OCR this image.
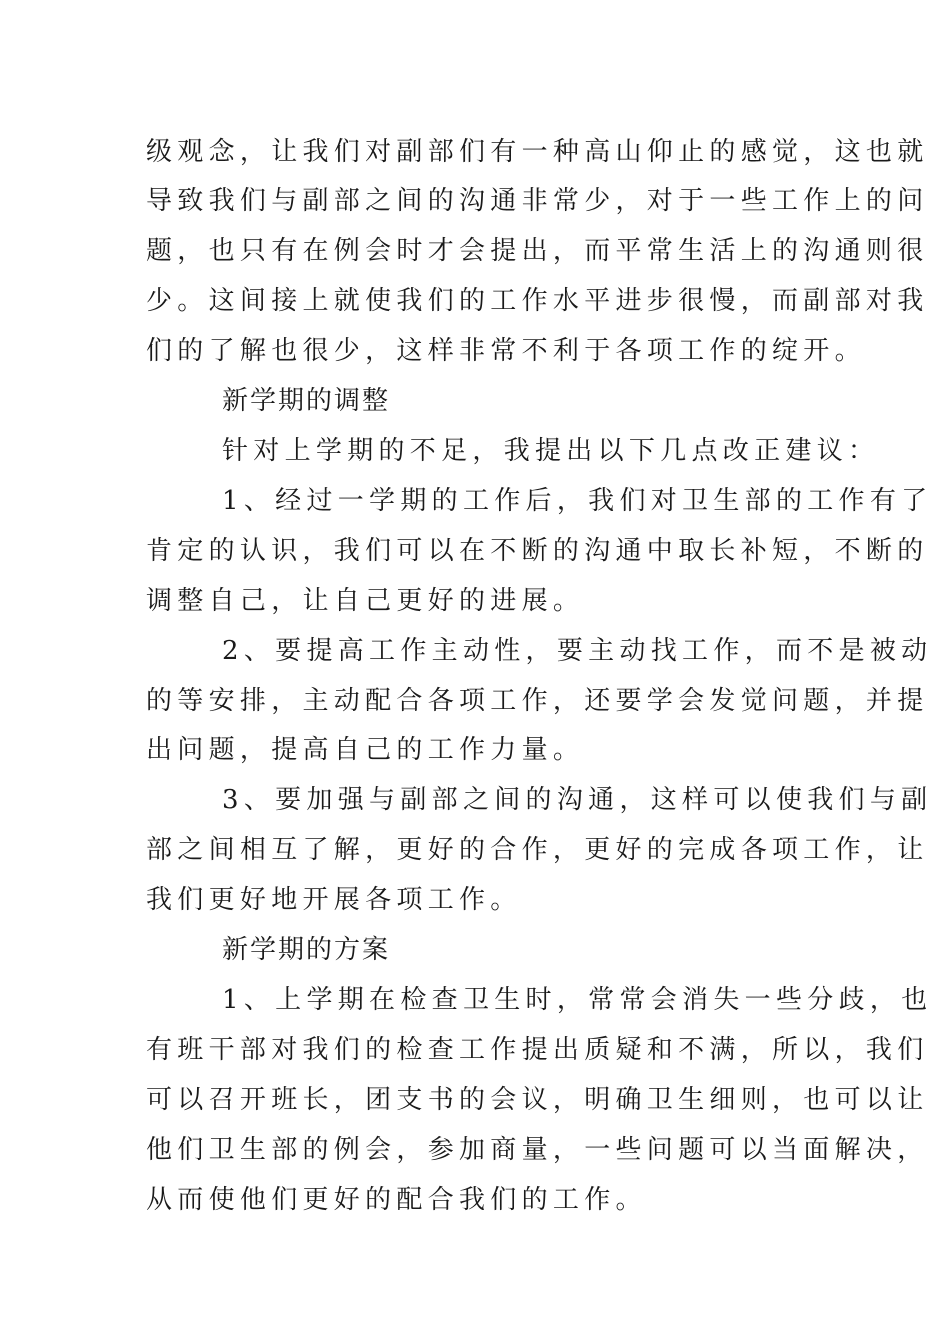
级观念，让我们对副部们有一种高山仰止的感觉，这也就
导致我们与副部之间的沟通非常少，对于一些工作上的问
题，也只有在例会时才会提出，而平常生活上的沟通则很
少。这间接上就使我们的工作水平进步很慢，而副部对我
们的了解也很少，这样非常不利于各项工作的绽开。
新学期的调整
针对上学期的不足，我提出以下几点改正建议：
1、经过一学期的工作后，我们对卫生部的工作有了
肯定的认识，我们可以在不断的沟通中取长补短，不断的
调整自己，让自己更好的进展。
2、要提高工作主动性，要主动找工作，而不是被动
的等安排，主动配合各项工作，还要学会发觉问题，并提
出问题，提高自己的工作力量。
3、要加强与副部之间的沟通，这样可以使我们与副
部之间相互了解，更好的合作，更好的完成各项工作，让
我们更好地开展各项工作。
新学期的方案
1、上学期在检查卫生时，常常会消失一些分歧，也
有班干部对我们的检查工作提出质疑和不满，所以，我们
可以召开班长，团支书的会议，明确卫生细则，也可以让
他们卫生部的例会，参加商量，一些问题可以当面解决，
从而使他们更好的配合我们的工作。
